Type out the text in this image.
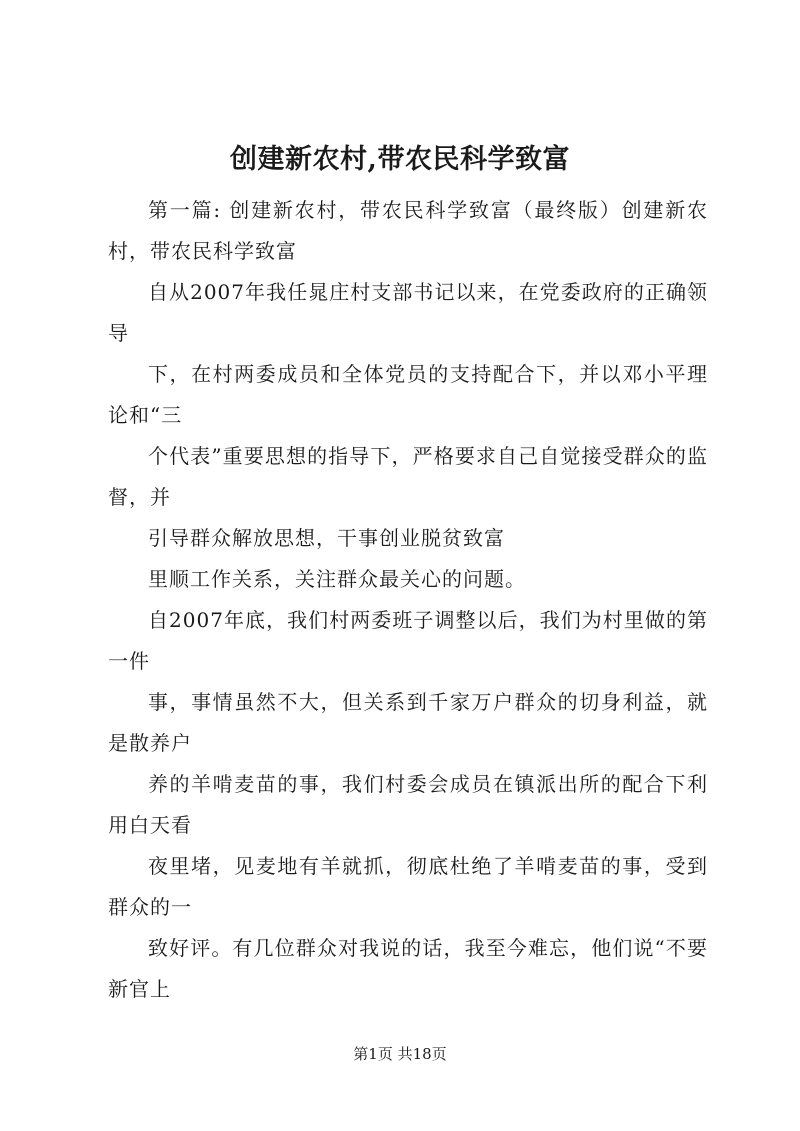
创建新农村,带农民科学致富

第一篇: 创建新农村，带农民科学致富（最终版）创建新农村，带农民科学致富

自从2007年我任晁庄村支部书记以来，在党委政府的正确领导

下，在村两委成员和全体党员的支持配合下，并以邓小平理论和“三

个代表”重要思想的指导下，严格要求自己自觉接受群众的监督，并

引导群众解放思想，干事创业脱贫致富

里顺工作关系，关注群众最关心的问题。

自2007年底，我们村两委班子调整以后，我们为村里做的第一件

事，事情虽然不大，但关系到千家万户群众的切身利益，就是散养户

养的羊啃麦苗的事，我们村委会成员在镇派出所的配合下利用白天看

夜里堵，见麦地有羊就抓，彻底杜绝了羊啃麦苗的事，受到群众的一

致好评。有几位群众对我说的话，我至今难忘，他们说“不要新官上

第1页 共18页
